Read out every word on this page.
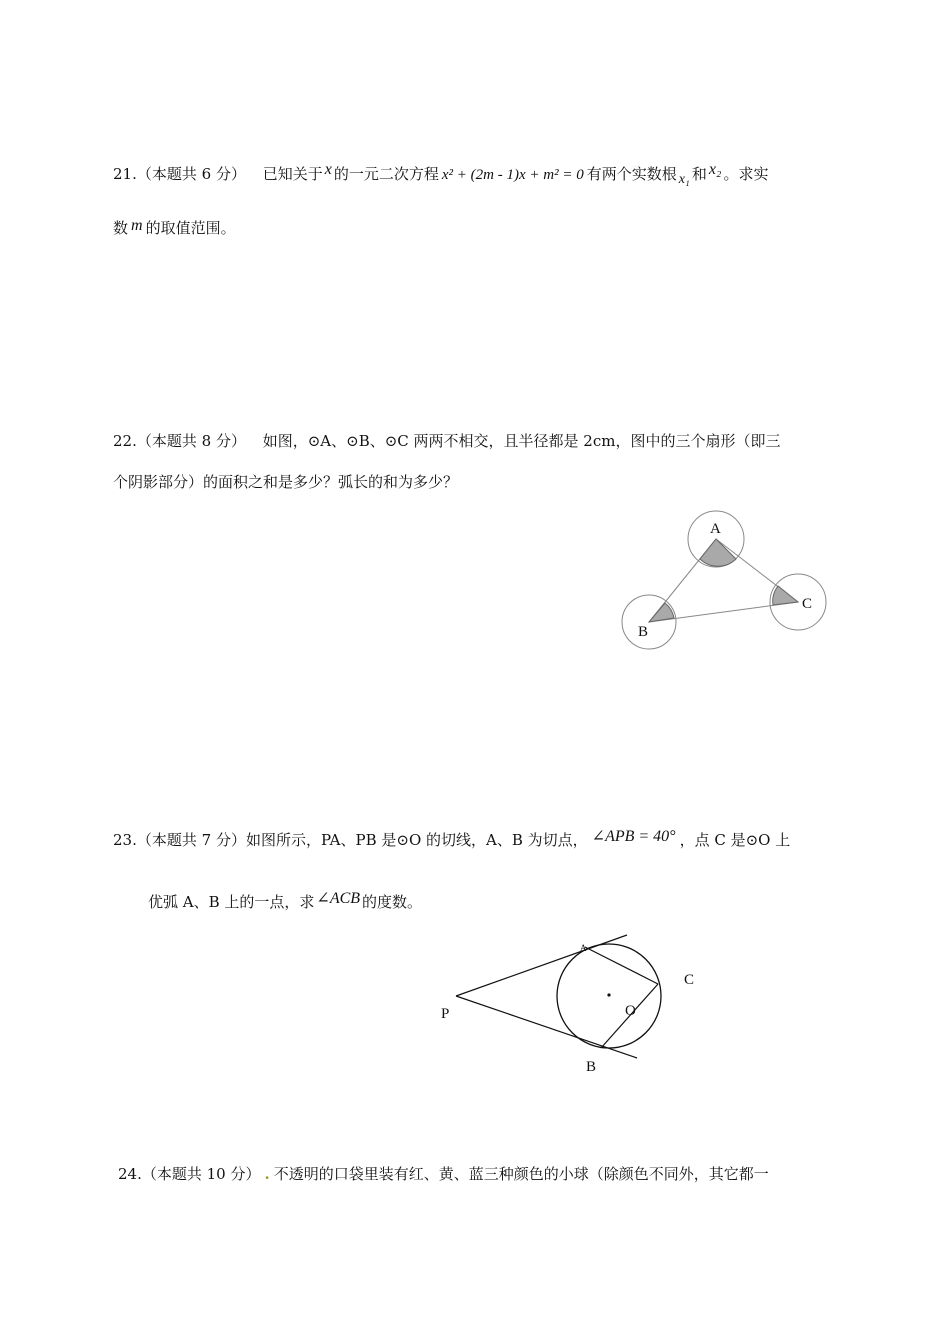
21.（本题共 6 分） 已知关于 x 的一元二次方程 x² + (2m - 1)x + m² = 0 有两个实数根 x₁ 和 x₂ 。求实
数 m 的取值范围。
22.（本题共 8 分） 如图，⊙A、⊙B、⊙C 两两不相交，且半径都是 2cm，图中的三个扇形（即三
个阴影部分）的面积之和是多少？弧长的和为多少？
A
B
C
23.（本题共 7 分）如图所示，PA、PB 是⊙O 的切线，A、B 为切点， ∠APB = 40° ，点 C 是⊙O 上
优弧 A、B 上的一点，求 ∠ACB 的度数。
P
B
C
O
A
24.（本题共 10 分） . 不透明的口袋里装有红、黄、蓝三种颜色的小球（除颜色不同外，其它都一
